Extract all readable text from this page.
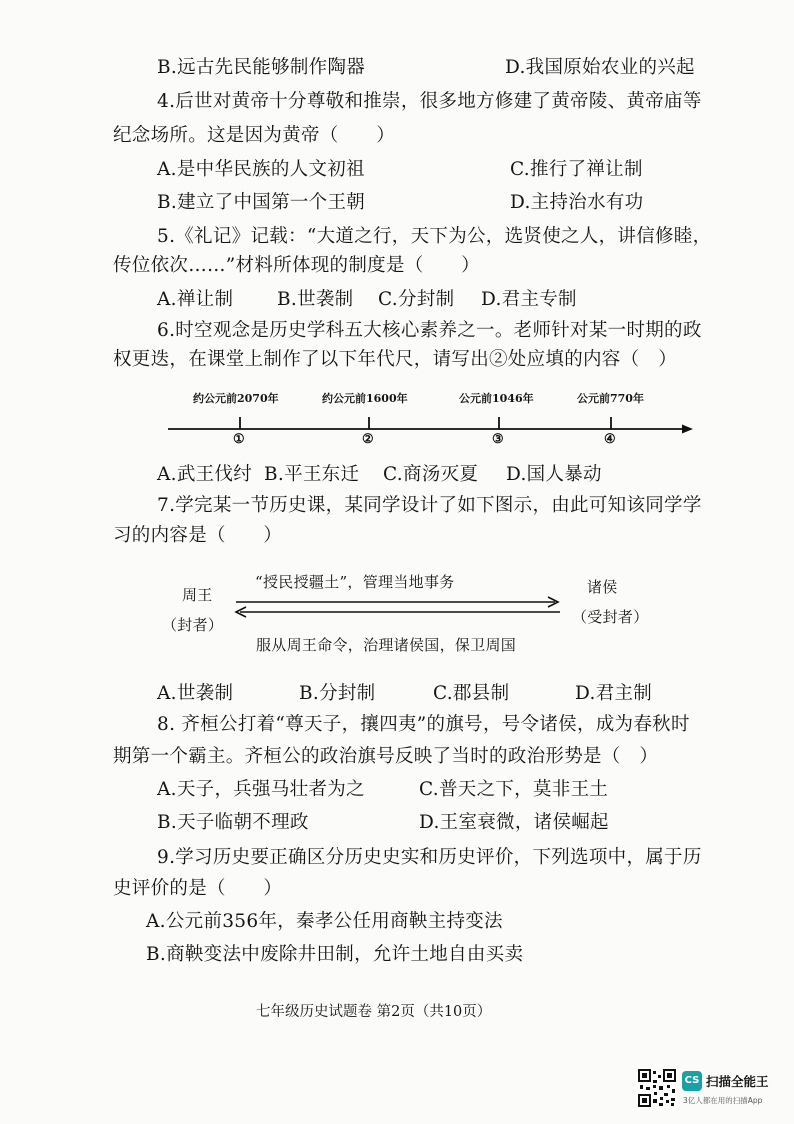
B.远古先民能够制作陶器	D.我国原始农业的兴起
4.后世对黄帝十分尊敬和推崇，很多地方修建了黄帝陵、黄帝庙等
纪念场所。这是因为黄帝（　　）
A.是中华民族的人文初祖	C.推行了禅让制
B.建立了中国第一个王朝	D.主持治水有功
5.《礼记》记载：“大道之行，天下为公，选贤使之人，讲信修睦，
传位依次……”材料所体现的制度是（　　）
A.禅让制 B.世袭制 C.分封制 D.君主专制
6.时空观念是历史学科五大核心素养之一。老师针对某一时期的政
权更迭，在课堂上制作了以下年代尺，请写出②处应填的内容（　）
约公元前2070年	约公元前1600年	公元前1046年	公元前770年
①	②	③	④
A.武王伐纣 B.平王东迁 C.商汤灭夏 D.国人暴动
7.学完某一节历史课，某同学设计了如下图示，由此可知该同学学
习的内容是（　　）
“授民授疆土”，管理当地事务
周王	诸侯
（封者）	（受封者）
服从周王命令，治理诸侯国，保卫周国
A.世袭制	B.分封制	C.郡县制	D.君主制
8. 齐桓公打着“尊天子，攘四夷”的旗号，号令诸侯，成为春秋时
期第一个霸主。齐桓公的政治旗号反映了当时的政治形势是（　）
A.天子，兵强马壮者为之	C.普天之下，莫非王土
B.天子临朝不理政	D.王室衰微，诸侯崛起
9.学习历史要正确区分历史史实和历史评价，下列选项中，属于历
史评价的是（　　）
A.公元前356年，秦孝公任用商鞅主持变法
B.商鞅变法中废除井田制，允许土地自由买卖
七年级历史试题卷 第2页（共10页）
CS 扫描全能王
3亿人都在用的扫描App
